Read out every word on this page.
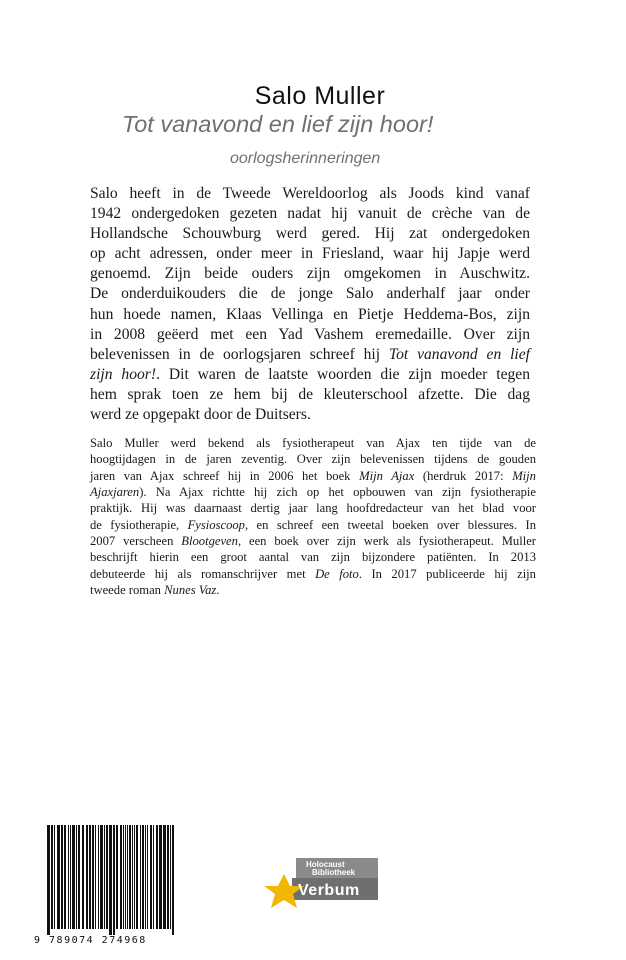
Salo Muller
Tot vanavond en lief zijn hoor!
oorlogsherinneringen
Salo heeft in de Tweede Wereldoorlog als Joods kind vanaf
1942 ondergedoken gezeten nadat hij vanuit de crèche van de
Hollandsche Schouwburg werd gered. Hij zat ondergedoken
op acht adressen, onder meer in Friesland, waar hij Japje werd
genoemd. Zijn beide ouders zijn omgekomen in Auschwitz.
De onderduikouders die de jonge Salo anderhalf jaar onder
hun hoede namen, Klaas Vellinga en Pietje Heddema-Bos, zijn
in 2008 geëerd met een Yad Vashem eremedaille. Over zijn
belevenissen in de oorlogsjaren schreef hij Tot vanavond en lief
zijn hoor!. Dit waren de laatste woorden die zijn moeder tegen
hem sprak toen ze hem bij de kleuterschool afzette. Die dag
werd ze opgepakt door de Duitsers.
Salo Muller werd bekend als fysiotherapeut van Ajax ten tijde van de
hoogtijdagen in de jaren zeventig. Over zijn belevenissen tijdens de gouden
jaren van Ajax schreef hij in 2006 het boek Mijn Ajax (herdruk 2017: Mijn
Ajaxjaren). Na Ajax richtte hij zich op het opbouwen van zijn fysiotherapie
praktijk. Hij was daarnaast dertig jaar lang hoofdredacteur van het blad voor
de fysiotherapie, Fysioscoop, en schreef een tweetal boeken over blessures. In
2007 verscheen Blootgeven, een boek over zijn werk als fysiotherapeut. Muller
beschrijft hierin een groot aantal van zijn bijzondere patiënten. In 2013
debuteerde hij als romanschrijver met De foto. In 2017 publiceerde hij zijn
tweede roman Nunes Vaz.
9 789074 274968
Holocaust
Bibliotheek
Verbum
